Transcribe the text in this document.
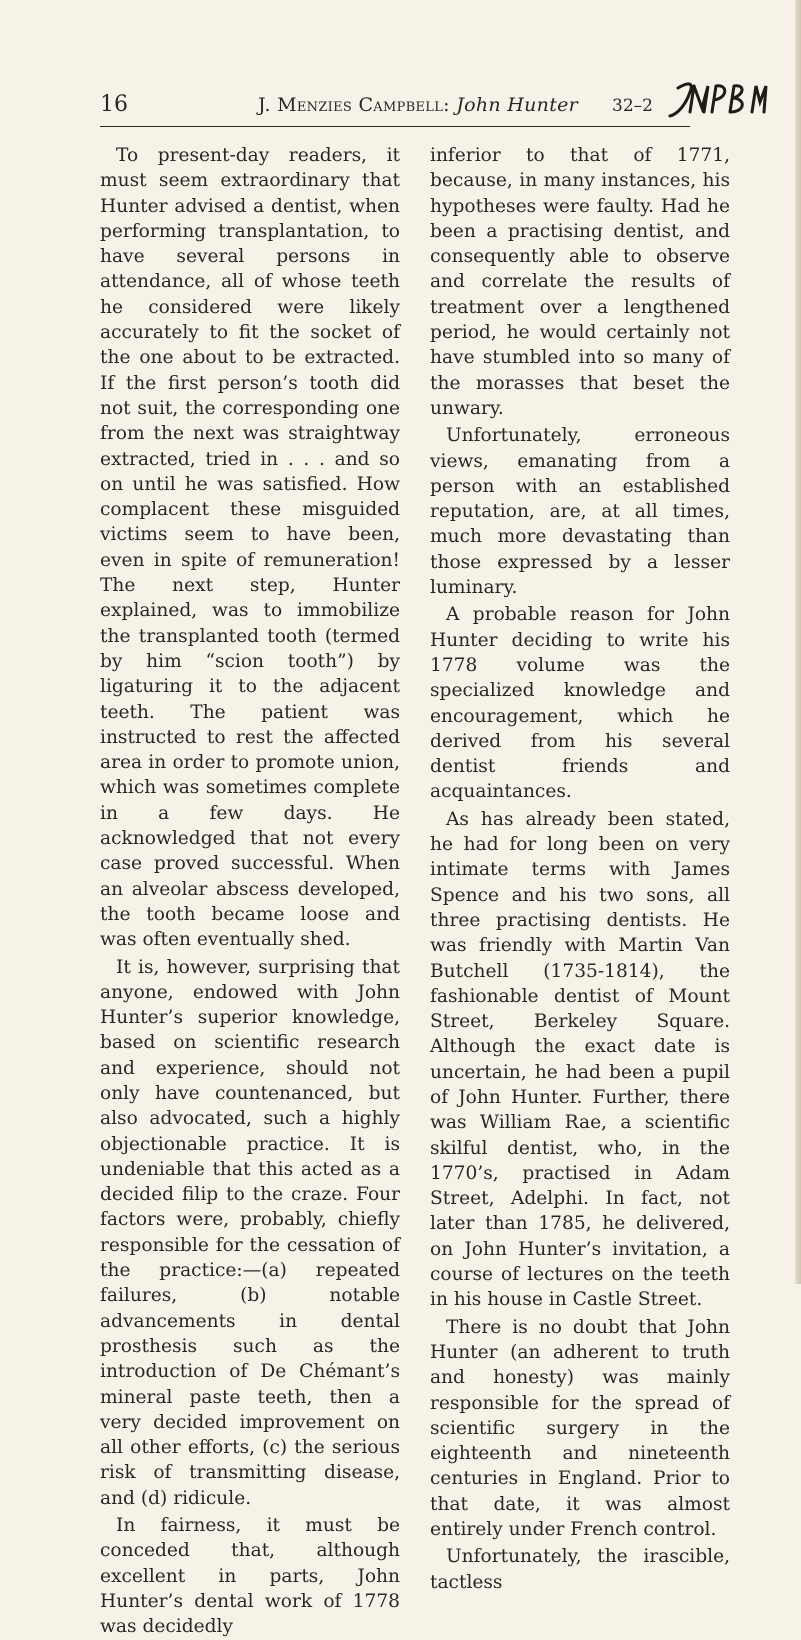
16	J. Menzies Campbell: John Hunter 32–2

To present-day readers, it must seem extraordinary that Hunter advised a dentist, when performing transplantation, to have several persons in attendance, all of whose teeth he considered were likely accurately to fit the socket of the one about to be extracted. If the first person’s tooth did not suit, the corresponding one from the next was straightway extracted, tried in . . . and so on until he was satisfied. How complacent these misguided victims seem to have been, even in spite of remuneration! The next step, Hunter explained, was to immobilize the transplanted tooth (termed by him “scion tooth”) by ligaturing it to the adjacent teeth. The patient was instructed to rest the affected area in order to promote union, which was sometimes complete in a few days. He acknowledged that not every case proved successful. When an alveolar abscess developed, the tooth became loose and was often eventually shed.

It is, however, surprising that anyone, endowed with John Hunter’s superior knowledge, based on scientific research and experience, should not only have countenanced, but also advocated, such a highly objectionable practice. It is undeniable that this acted as a decided filip to the craze. Four factors were, probably, chiefly responsible for the cessation of the practice:—(a) repeated failures, (b) notable advancements in dental prosthesis such as the introduction of De Chémant’s mineral paste teeth, then a very decided improvement on all other efforts, (c) the serious risk of transmitting disease, and (d) ridicule.

In fairness, it must be conceded that, although excellent in parts, John Hunter’s dental work of 1778 was decidedly

inferior to that of 1771, because, in many instances, his hypotheses were faulty. Had he been a practising dentist, and consequently able to observe and correlate the results of treatment over a lengthened period, he would certainly not have stumbled into so many of the morasses that beset the unwary.

Unfortunately, erroneous views, emanating from a person with an established reputation, are, at all times, much more devastating than those expressed by a lesser luminary.

A probable reason for John Hunter deciding to write his 1778 volume was the specialized knowledge and encouragement, which he derived from his several dentist friends and acquaintances.

As has already been stated, he had for long been on very intimate terms with James Spence and his two sons, all three practising dentists. He was friendly with Martin Van Butchell (1735-1814), the fashionable dentist of Mount Street, Berkeley Square. Although the exact date is uncertain, he had been a pupil of John Hunter. Further, there was William Rae, a scientific skilful dentist, who, in the 1770’s, practised in Adam Street, Adelphi. In fact, not later than 1785, he delivered, on John Hunter’s invitation, a course of lectures on the teeth in his house in Castle Street.

There is no doubt that John Hunter (an adherent to truth and honesty) was mainly responsible for the spread of scientific surgery in the eighteenth and nineteenth centuries in England. Prior to that date, it was almost entirely under French control.

Unfortunately, the irascible, tactless
